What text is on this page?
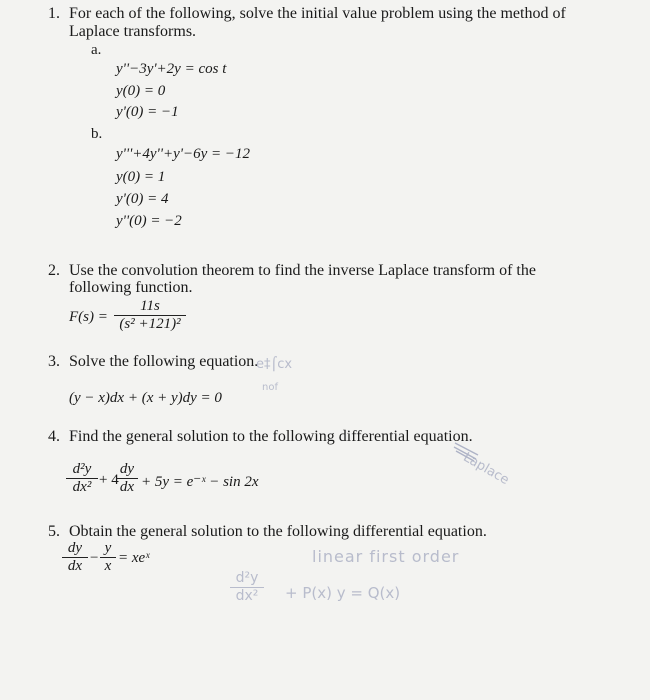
1. For each of the following, solve the initial value problem using the method of
Laplace transforms.
a.
y''−3y'+2y = cos t
y(0) = 0
y'(0) = −1
b.
y'''+4y''+y'−6y = −12
y(0) = 1
y'(0) = 4
y''(0) = −2
2. Use the convolution theorem to find the inverse Laplace transform of the
following function.
$F(s) = \frac{11s}{\text{(s² +121)²}}$
3. Solve the following equation.
(y − x)dx + (x + y)dy = 0
e‡⌠cx
nof
4. Find the general solution to the following differential equation.
$\frac{\text{d²y}}{\text{dx²}} + 4$
$\frac{dy}{dx} + 5y$ = e⁻ˣ − sin 2x	Laplace
5. Obtain the general solution to the following differential equation.
$\frac{dy}{dx} - \frac{y}{x}$ = xeˣ	linear first order
$\frac{\text{d²y}}{\text{dx²}} + P(x) y = Q(x)$
